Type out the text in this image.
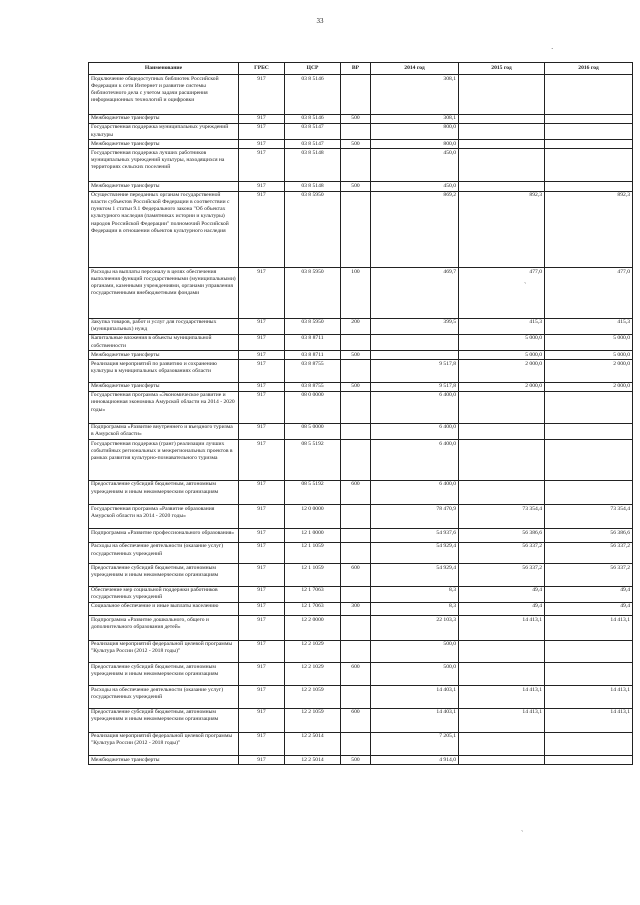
33
·
ˏ
ˏ
Наименование	ГРБС	ЦСР	ВР	2014 год	2015 год	2016 год
Подключение общедоступных библиотек Российской Федерации к сети Интернет и развитие системы библиотечного дела с учетом задачи расширения информационных технологий и оцифровки	917	03 8 5146		308,1		
Межбюджетные трансферты	917	03 8 5146	500	308,1		
Государственная поддержка муниципальных учреждений культуры	917	03 8 5147		800,0		
Межбюджетные трансферты	917	03 8 5147	500	800,0		
Государственная поддержка лучших работников муниципальных учреждений культуры, находящихся на территориях сельских поселений	917	03 8 5148		450,0		
Межбюджетные трансферты	917	03 8 5148	500	450,0		
Осуществление переданных органам государственной власти субъектов Российской Федерации в соответствии с пунктом 1 статьи 9.1 Федерального закона "Об объектах культурного наследия (памятниках истории и культуры) народов Российской Федерации" полномочий Российской Федерации в отношении объектов культурного наследия	917	03 8 5950		869,2	892,3	892,3
Расходы на выплаты персоналу в целях обеспечения выполнения функций государственными (муниципальными) органами, казенными учреждениями, органами управления государственными внебюджетными фондами	917	03 8 5950	100	469,7	477,0	477,0
Закупка товаров, работ и услуг для государственных (муниципальных) нужд	917	03 8 5950	200	399,5	415,3	415,3
Капитальные вложения в объекты муниципальной собственности	917	03 8 8711			5 000,0	5 000,0
Межбюджетные трансферты	917	03 8 8711	500		5 000,0	5 000,0
Реализация мероприятий по развитию и сохранению культуры в муниципальных образованиях области	917	03 8 8755		9 517,8	2 000,0	2 000,0
Межбюджетные трансферты	917	03 8 8755	500	9 517,8	2 000,0	2 000,0
Государственная программа «Экономическое развитие и инновационная экономика Амурской области на 2014 - 2020 годы»	917	08 0 0000		6 400,0		
Подпрограмма «Развитие внутреннего и въездного туризма в Амурской области»	917	08 5 0000		6 400,0		
Государственная поддержка (гранг) реализации лучших событийных региональных и межрегиональных проектов в рамках развития культурно-познавательного туризма	917	08 5 5192		6 400,0		
Предоставление субсидий бюджетным, автономным учреждениям и иным некоммерческим организациям	917	08 5 5192	600	6 400,0		
Государственная программа «Развитие образования Амурской области на 2014 - 2020 годы»	917	12 0 0000		78 470,9	73 354,4	73 354,4
Подпрограмма «Развитие профессионального образования»	917	12 1 0000		54 937,6	56 386,6	56 386,6
Расходы на обеспечение деятельности (оказание услуг) государственных учреждений	917	12 1 1059		54 929,4	56 337,2	56 337,2
Предоставление субсидий бюджетным, автономным учреждениям и иным некоммерческим организациям	917	12 1 1059	600	54 929,4	56 337,2	56 337,2
Обеспечение мер социальной поддержки работников государственных учреждений	917	12 1 7063		8,3	49,4	49,4
Социальное обеспечение и иные выплаты населению	917	12 1 7063	300	8,3	49,4	49,4
Подпрограмма «Развитие дошкольного, общего и дополнительного образования детей»	917	12 2 0000		22 103,3	14 413,1	14 413,1
Реализация мероприятий федеральной целевой программы "Культура России (2012 - 2018 годы)"	917	12 2 1029		500,0		
Предоставление субсидий бюджетным, автономным учреждениям и иным некоммерческим организациям	917	12 2 1029	600	500,0		
Расходы на обеспечение деятельности (оказание услуг) государственных учреждений	917	12 2 1059		14 403,1	14 413,1	14 413,1
Предоставление субсидий бюджетным, автономным учреждениям и иным некоммерческим организациям	917	12 2 1059	600	14 403,1	14 413,1	14 413,1
Реализация мероприятий федеральной целевой программы "Культура России (2012 - 2018 годы)"	917	12 2 5014		7 205,1		
Межбюджетные трансферты	917	12 2 5014	500	4 914,0		
